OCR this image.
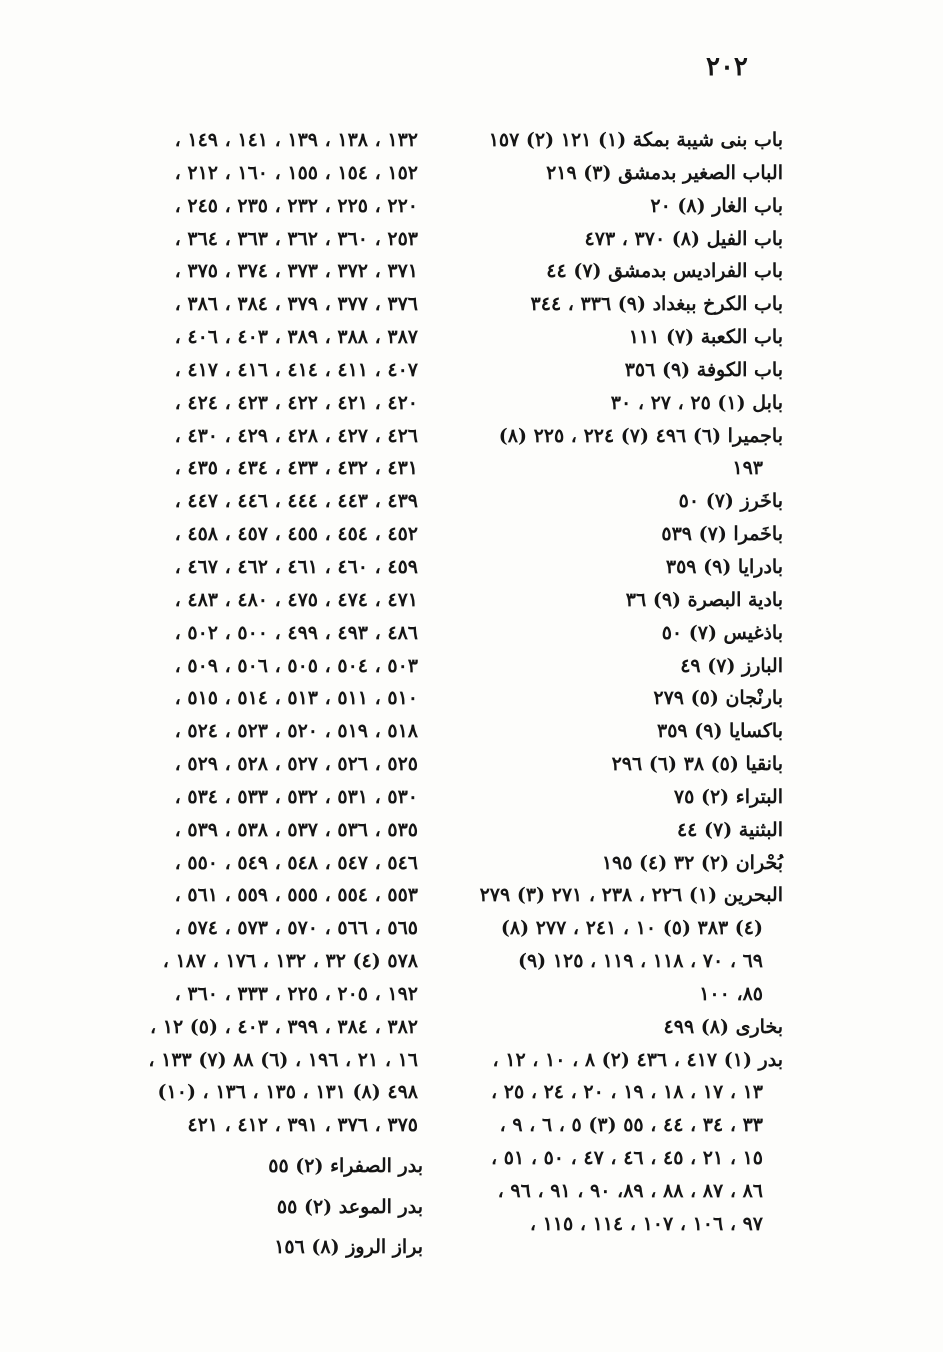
٢٠٢
باب بنى شيبة بمكة (١) ١٢١ (٢) ١٥٧
الباب الصغير بدمشق (٣) ٢١٩
باب الغار (٨) ٢٠
باب الفيل (٨) ٣٧٠ ، ٤٧٣
باب الفراديس بدمشق (٧) ٤٤
باب الكرخ ببغداد (٩) ٣٣٦ ، ٣٤٤
باب الكعبة (٧) ١١١
باب الكوفة (٩) ٣٥٦
بابل (١) ٢٥ ، ٢٧ ، ٣٠
باجميرا (٦) ٤٩٦ (٧) ٢٢٤ ، ٢٢٥ (٨)
١٩٣
باخَرز (٧) ٥٠
باخَمرا (٧) ٥٣٩
بادرايا (٩) ٣٥٩
بادية البصرة (٩) ٣٦
باذغيس (٧) ٥٠
البارز (٧) ٤٩
بارنْجان (٥) ٢٧٩
باكسايا (٩) ٣٥٩
بانقيا (٥) ٣٨ (٦) ٢٩٦
البتراء (٢) ٧٥
البثنية (٧) ٤٤
بُحْران (٢) ٣٢ (٤) ١٩٥
البحرين (١) ٢٢٦ ، ٢٣٨ ، ٢٧١ (٣) ٢٧٩
(٤) ٣٨٣ (٥) ١٠ ، ٢٤١ ، ٢٧٧ (٨)
٦٩ ، ٧٠ ، ١١٨ ، ١١٩ ، ١٢٥ (٩)
٨٥، ١٠٠
بخارى (٨) ٤٩٩
بدر (١) ٤١٧ ، ٤٣٦ (٢) ٨ ، ١٠ ، ١٢ ،
١٣ ، ١٧ ، ١٨ ، ١٩ ، ٢٠ ، ٢٤ ، ٢٥ ،
٣٣ ، ٣٤ ، ٤٤ ، ٥٥ (٣) ٥ ، ٦ ، ٩ ،
١٥ ، ٢١ ، ٤٥ ، ٤٦ ، ٤٧ ، ٥٠ ، ٥١ ،
٨٦ ، ٨٧ ، ٨٨ ، ٨٩، ٩٠ ، ٩١ ، ٩٦ ،
٩٧ ، ١٠٦ ، ١٠٧ ، ١١٤ ، ١١٥ ،
١٣٢ ، ١٣٨ ، ١٣٩ ، ١٤١ ، ١٤٩ ،
١٥٢ ، ١٥٤ ، ١٥٥ ، ١٦٠ ، ٢١٢ ،
٢٢٠ ، ٢٢٥ ، ٢٣٢ ، ٢٣٥ ، ٢٤٥ ،
٢٥٣ ، ٣٦٠ ، ٣٦٢ ، ٣٦٣ ، ٣٦٤ ،
٣٧١ ، ٣٧٢ ، ٣٧٣ ، ٣٧٤ ، ٣٧٥ ،
٣٧٦ ، ٣٧٧ ، ٣٧٩ ، ٣٨٤ ، ٣٨٦ ،
٣٨٧ ، ٣٨٨ ، ٣٨٩ ، ٤٠٣ ، ٤٠٦ ،
٤٠٧ ، ٤١١ ، ٤١٤ ، ٤١٦ ، ٤١٧ ،
٤٢٠ ، ٤٢١ ، ٤٢٢ ، ٤٢٣ ، ٤٢٤ ،
٤٢٦ ، ٤٢٧ ، ٤٢٨ ، ٤٢٩ ، ٤٣٠ ،
٤٣١ ، ٤٣٢ ، ٤٣٣ ، ٤٣٤ ، ٤٣٥ ،
٤٣٩ ، ٤٤٣ ، ٤٤٤ ، ٤٤٦ ، ٤٤٧ ،
٤٥٢ ، ٤٥٤ ، ٤٥٥ ، ٤٥٧ ، ٤٥٨ ،
٤٥٩ ، ٤٦٠ ، ٤٦١ ، ٤٦٢ ، ٤٦٧ ،
٤٧١ ، ٤٧٤ ، ٤٧٥ ، ٤٨٠ ، ٤٨٣ ،
٤٨٦ ، ٤٩٣ ، ٤٩٩ ، ٥٠٠ ، ٥٠٢ ،
٥٠٣ ، ٥٠٤ ، ٥٠٥ ، ٥٠٦ ، ٥٠٩ ،
٥١٠ ، ٥١١ ، ٥١٣ ، ٥١٤ ، ٥١٥ ،
٥١٨ ، ٥١٩ ، ٥٢٠ ، ٥٢٣ ، ٥٢٤ ،
٥٢٥ ، ٥٢٦ ، ٥٢٧ ، ٥٢٨ ، ٥٢٩ ،
٥٣٠ ، ٥٣١ ، ٥٣٢ ، ٥٣٣ ، ٥٣٤ ،
٥٣٥ ، ٥٣٦ ، ٥٣٧ ، ٥٣٨ ، ٥٣٩ ،
٥٤٦ ، ٥٤٧ ، ٥٤٨ ، ٥٤٩ ، ٥٥٠ ،
٥٥٣ ، ٥٥٤ ، ٥٥٥ ، ٥٥٩ ، ٥٦١ ،
٥٦٥ ، ٥٦٦ ، ٥٧٠ ، ٥٧٣ ، ٥٧٤ ،
٥٧٨ (٤) ٣٢ ، ١٣٢ ، ١٧٦ ، ١٨٧ ،
١٩٢ ، ٢٠٥ ، ٢٢٥ ، ٣٣٣ ، ٣٦٠ ،
٣٨٢ ، ٣٨٤ ، ٣٩٩ ، ٤٠٣ ، (٥) ١٢ ،
١٦ ، ٢١ ، ١٩٦ ، (٦) ٨٨ (٧) ١٣٣ ،
٤٩٨ (٨) ١٣١ ، ١٣٥ ، ١٣٦ ، (١٠)
٣٧٥ ، ٣٧٦ ، ٣٩١ ، ٤١٢ ، ٤٢١
بدر الصفراء (٢) ٥٥
بدر الموعد (٢) ٥٥
براز الروز (٨) ١٥٦
